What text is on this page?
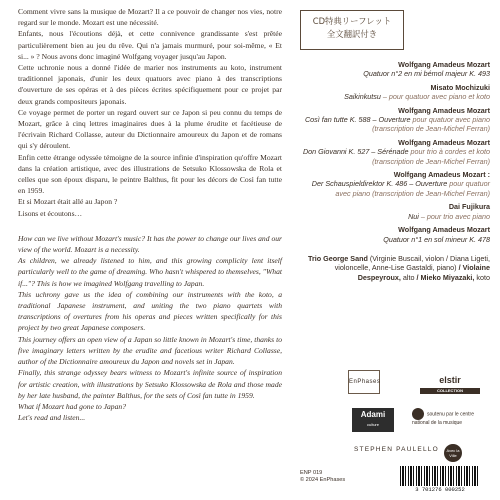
Comment vivre sans la musique de Mozart? Il a ce pouvoir de changer nos vies, notre regard sur le monde. Mozart est une nécessité.

Enfants, nous l'écoutions déjà, et cette connivence grandissante s'est prêtée particulièrement bien au jeu du rêve. Qui n'a jamais murmuré, pour soi-même, « Et si... » ? Nous avons donc imaginé Wolfgang voyager jusqu'au Japon.

Cette uchronie nous a donné l'idée de marier nos instruments au koto, instrument traditionnel japonais, d'unir les deux quatuors avec piano à des transcriptions d'ouverture de ses opéras et à des pièces écrites spécifiquement pour ce projet par deux grands compositeurs japonais.

Ce voyage permet de porter un regard ouvert sur ce Japon si peu connu du temps de Mozart, grâce à cinq lettres imaginaires dues à la plume érudite et facétieuse de l'écrivain Richard Collasse, auteur du Dictionnaire amoureux du Japon et de romans qui s'y déroulent.

Enfin cette étrange odyssée témoigne de la source infinie d'inspiration qu'offre Mozart dans la création artistique, avec des illustrations de Setsuko Klossowska de Rola et celles que son époux disparu, le peintre Balthus, fit pour les décors de Così fan tutte en 1959.

Et si Mozart était allé au Japon ?

Lisons et écoutons…

How can we live without Mozart's music? It has the power to change our lives and our view of the world. Mozart is a necessity.

As children, we already listened to him, and this growing complicity lent itself particularly well to the game of dreaming. Who hasn't whispered to themselves, "What if..."? This is how we imagined Wolfgang travelling to Japan.

This uchrony gave us the idea of combining our instruments with the koto, a traditional Japanese instrument, and uniting the two piano quartets with transcriptions of overtures from his operas and pieces written specifically for this project by two great Japanese composers.

This journey offers an open view of a Japan so little known in Mozart's time, thanks to five imaginary letters written by the erudite and facetious writer Richard Collasse, author of the Dictionnaire amoureux du Japon and novels set in Japan.

Finally, this strange odyssey bears witness to Mozart's infinite source of inspiration for artistic creation, with illustrations by Setsuko Klossowska de Rola and those made by her late husband, the painter Balthus, for the sets of Così fan tutte in 1959.

What if Mozart had gone to Japan?

Let's read and listen...

CD特典リーフレット
全文翻訳付き
Wolfgang Amadeus Mozart
Quatuor n°2 en mi bémol majeur K. 493
Misato Mochizuki
Saikinkutsu – pour quatuor avec piano et koto
Wolfgang Amadeus Mozart
Così fan tutte K. 588 – Ouverture pour quatuor avec piano (transcription de Jean-Michel Ferran)
Wolfgang Amadeus Mozart
Don Giovanni K. 527 – Sérénade pour trio à cordes et koto (transcription de Jean-Michel Ferran)
Wolfgang Amadeus Mozart :
Der Schauspieldirektor K. 486 – Ouverture pour quatuor avec piano (transcription de Jean-Michel Ferran)
Dai Fujikura
Nui – pour trio avec piano
Wolfgang Amadeus Mozart
Quatuor n°1 en sol mineur K. 478
Trio George Sand (Virginie Buscail, violon / Diana Ligeti, violoncelle, Anne-Lise Gastaldi, piano) / Violaine Despeyroux, alto / Mieko Miyazaki, koto
EnPhases	elstir
COLLECTION
Adami
culture
soutenu par le centre national de la musique
STEPHEN PAULELLO	Avec la Ville
ENP 019
© 2024 EnPhases
3 701276 000252
